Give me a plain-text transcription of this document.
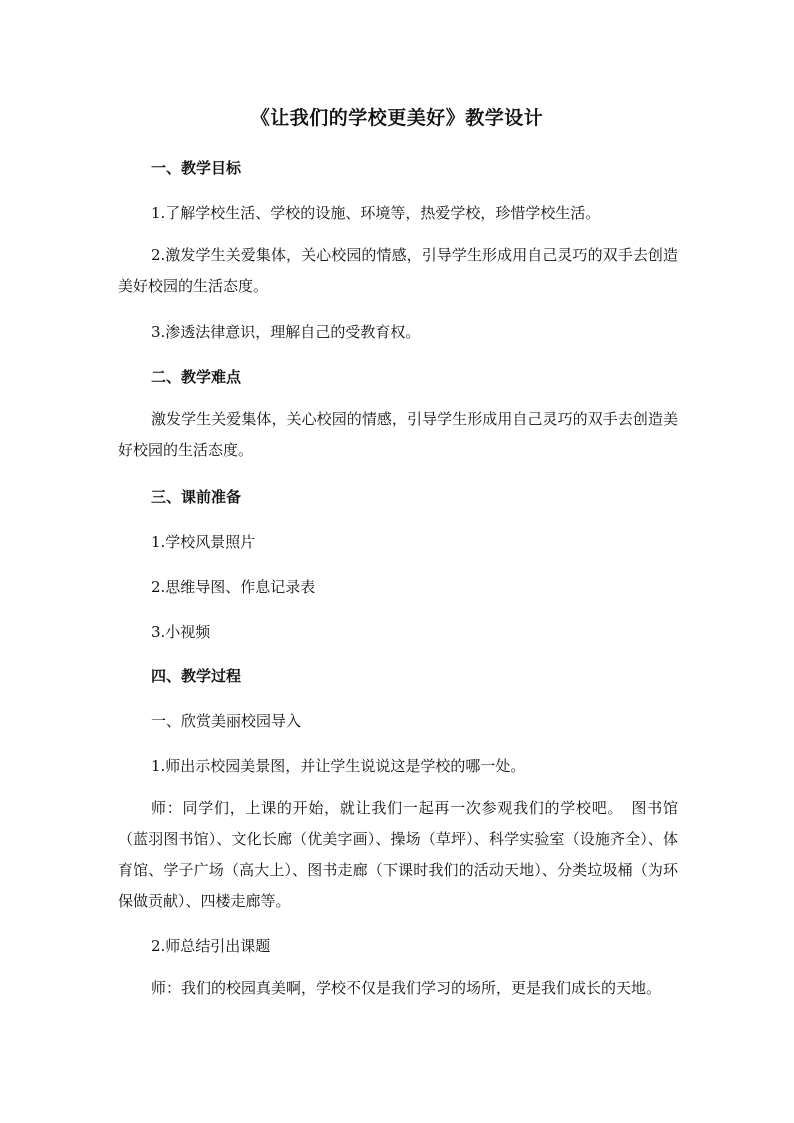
《让我们的学校更美好》教学设计
一、教学目标
1.了解学校生活、学校的设施、环境等，热爱学校，珍惜学校生活。
2.激发学生关爱集体，关心校园的情感，引导学生形成用自己灵巧的双手去创造美好校园的生活态度。
3.渗透法律意识，理解自己的受教育权。
二、教学难点
激发学生关爱集体，关心校园的情感，引导学生形成用自己灵巧的双手去创造美好校园的生活态度。
三、课前准备
1.学校风景照片
2.思维导图、作息记录表
3.小视频
四、教学过程
一、欣赏美丽校园导入
1.师出示校园美景图，并让学生说说这是学校的哪一处。
师：同学们，上课的开始，就让我们一起再一次参观我们的学校吧。　图书馆（蓝羽图书馆）、文化长廊（优美字画）、操场（草坪）、科学实验室（设施齐全）、体育馆、学子广场（高大上）、图书走廊（下课时我们的活动天地）、分类垃圾桶（为环保做贡献）、四楼走廊等。
2.师总结引出课题
师：我们的校园真美啊，学校不仅是我们学习的场所，更是我们成长的天地。
